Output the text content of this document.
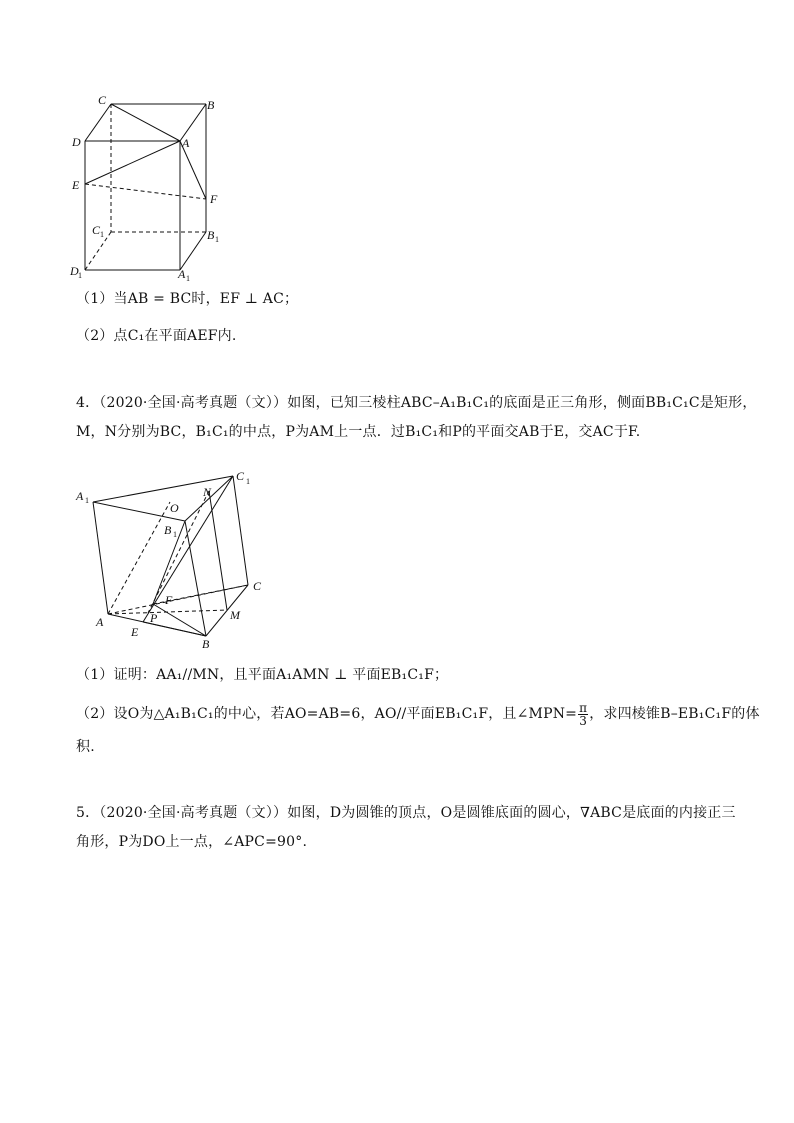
C	B
D	A
E
F
C 1	B 1
D 1	A 1
（1）当AB = BC时，EF ⊥ AC；
（2）点C₁在平面AEF内.
4．（2020·全国·高考真题（文））如图，已知三棱柱ABC–A₁B₁C₁的底面是正三角形，侧面BB₁C₁C是矩形，
M，N分别为BC，B₁C₁的中点，P为AM上一点．过B₁C₁和P的平面交AB于E，交AC于F.
A 1
C 1
N
O
B 1
C
F
A	P	M
E
B
（1）证明：AA₁//MN，且平面A₁AMN ⊥ 平面EB₁C₁F；
（2）设O为△A₁B₁C₁的中心，若AO=AB=6，AO//平面EB₁C₁F，且∠MPN= $\frac{\pi}{3}$ ，求四棱锥B–EB₁C₁F的体
积.
5．（2020·全国·高考真题（文））如图，D为圆锥的顶点，O是圆锥底面的圆心，∇ABC是底面的内接正三
角形，P为DO上一点，∠APC=90°.
